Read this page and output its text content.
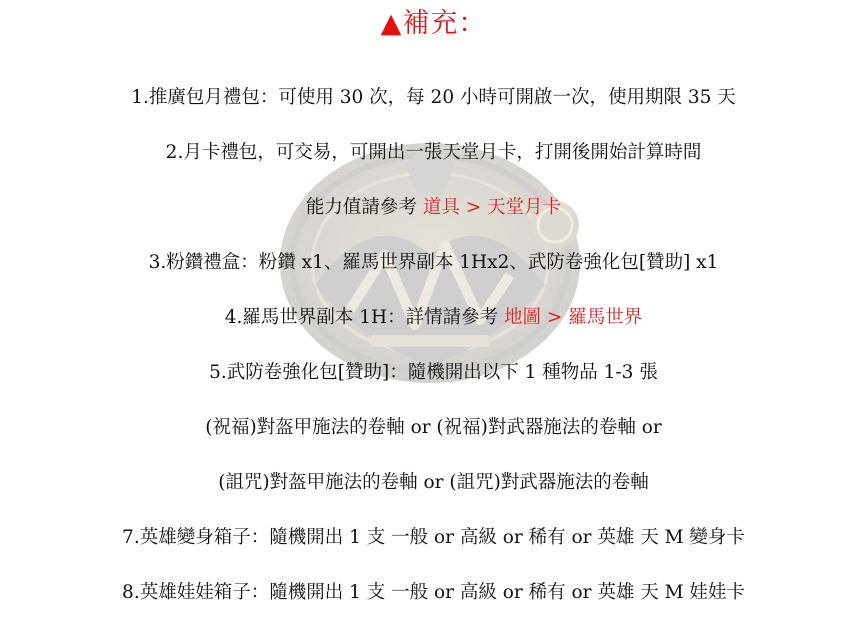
▲補充：
1.推廣包月禮包：可使用 30 次，每 20 小時可開啟一次，使用期限 35 天
2.月卡禮包，可交易，可開出一張天堂月卡，打開後開始計算時間
能力值請參考 道具 > 天堂月卡
3.粉鑽禮盒：粉鑽 x1、羅馬世界副本 1Hx2、武防卷強化包[贊助] x1
4.羅馬世界副本 1H：詳情請參考 地圖 > 羅馬世界
5.武防卷強化包[贊助]：隨機開出以下 1 種物品 1-3 張
(祝福)對盔甲施法的卷軸 or (祝福)對武器施法的卷軸 or
(詛咒)對盔甲施法的卷軸 or (詛咒)對武器施法的卷軸
7.英雄變身箱子：隨機開出 1 支 一般 or 高級 or 稀有 or 英雄 天 M 變身卡
8.英雄娃娃箱子：隨機開出 1 支 一般 or 高級 or 稀有 or 英雄 天 M 娃娃卡
